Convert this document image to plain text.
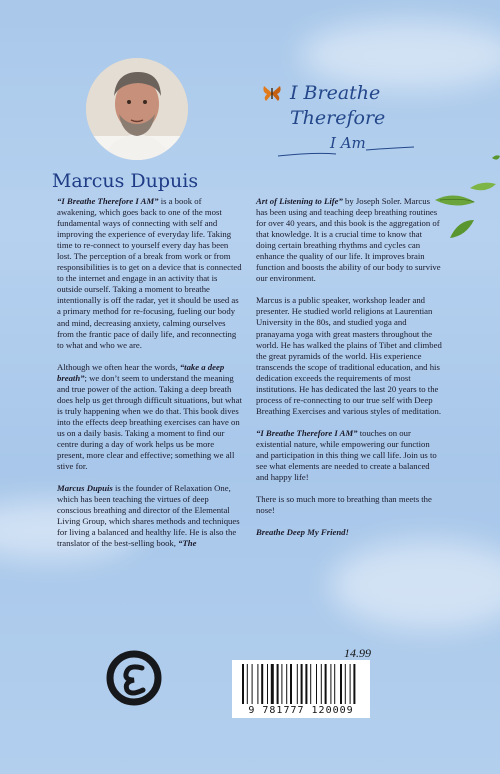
Marcus Dupuis
I Breathe
Therefore
I Am

“I Breathe Therefore I AM” is a book of awakening, which goes back to one of the most fundamental ways of connecting with self and improving the experience of everyday life. Taking time to re-connect to yourself every day has been lost. The perception of a break from work or from responsibilities is to get on a device that is connected to the internet and engage in an activity that is outside ourself. Taking a moment to breathe intentionally is off the radar, yet it should be used as a primary method for re-focusing, fueling our body and mind, decreasing anxiety, calming ourselves from the frantic pace of daily life, and reconnecting to what and who we are.

Although we often hear the words, “take a deep breath”; we don’t seem to understand the meaning and true power of the action. Taking a deep breath does help us get through difficult situations, but what is truly happening when we do that. This book dives into the effects deep breathing exercises can have on us on a daily basis. Taking a moment to find our centre during a day of work helps us be more present, more clear and effective; something we all stive for.

Marcus Dupuis is the founder of Relaxation One, which has been teaching the virtues of deep conscious breathing and director of the Elemental Living Group, which shares methods and techniques for living a balanced and healthy life. He is also the translator of the best-selling book, “The

Art of Listening to Life” by Joseph Soler. Marcus has been using and teaching deep breathing routines for over 40 years, and this book is the aggregation of that knowledge. It is a crucial time to know that doing certain breathing rhythms and cycles can enhance the quality of our life. It improves brain function and boosts the ability of our body to survive our environment.

Marcus is a public speaker, workshop leader and presenter. He studied world religions at Laurentian University in the 80s, and studied yoga and pranayama yoga with great masters throughout the world. He has walked the plains of Tibet and climbed the great pyramids of the world. His experience transcends the scope of traditional education, and his dedication exceeds the requirements of most institutions. He has dedicated the last 20 years to the process of re-connecting to our true self with Deep Breathing Exercises and various styles of meditation.

“I Breathe Therefore I AM” touches on our existential nature, while empowering our function and participation in this thing we call life. Join us to see what elements are needed to create a balanced and happy life!

There is so much more to breathing than meets the nose!

Breathe Deep My Friend!

14.99
9 781777 120009
